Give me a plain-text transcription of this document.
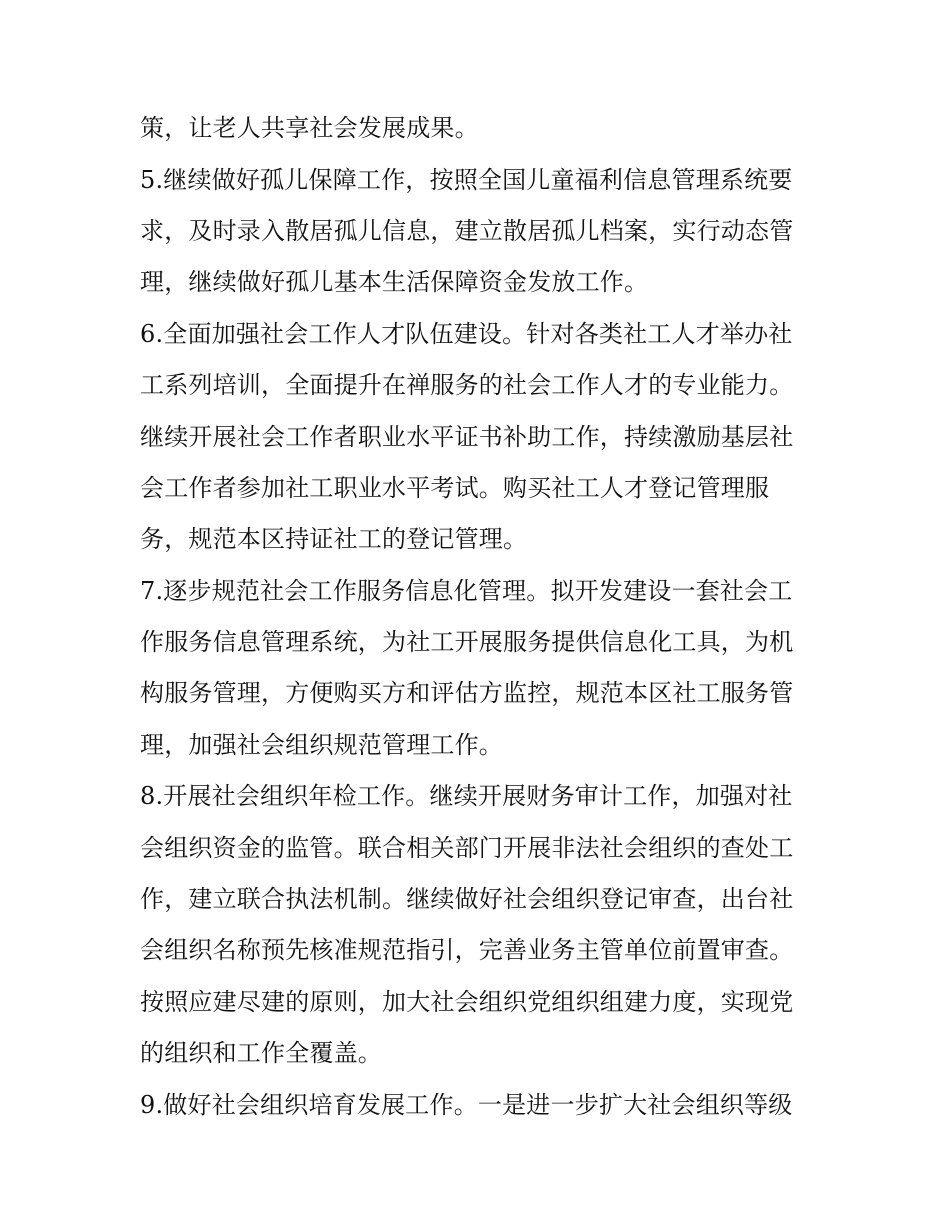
策，让老人共享社会发展成果。
5.继续做好孤儿保障工作，按照全国儿童福利信息管理系统要
求，及时录入散居孤儿信息，建立散居孤儿档案，实行动态管
理，继续做好孤儿基本生活保障资金发放工作。
6.全面加强社会工作人才队伍建设。针对各类社工人才举办社
工系列培训，全面提升在禅服务的社会工作人才的专业能力。
继续开展社会工作者职业水平证书补助工作，持续激励基层社
会工作者参加社工职业水平考试。购买社工人才登记管理服
务，规范本区持证社工的登记管理。
7.逐步规范社会工作服务信息化管理。拟开发建设一套社会工
作服务信息管理系统，为社工开展服务提供信息化工具，为机
构服务管理，方便购买方和评估方监控，规范本区社工服务管
理，加强社会组织规范管理工作。
8.开展社会组织年检工作。继续开展财务审计工作，加强对社
会组织资金的监管。联合相关部门开展非法社会组织的查处工
作，建立联合执法机制。继续做好社会组织登记审查，出台社
会组织名称预先核准规范指引，完善业务主管单位前置审查。
按照应建尽建的原则，加大社会组织党组织组建力度，实现党
的组织和工作全覆盖。
9.做好社会组织培育发展工作。一是进一步扩大社会组织等级
